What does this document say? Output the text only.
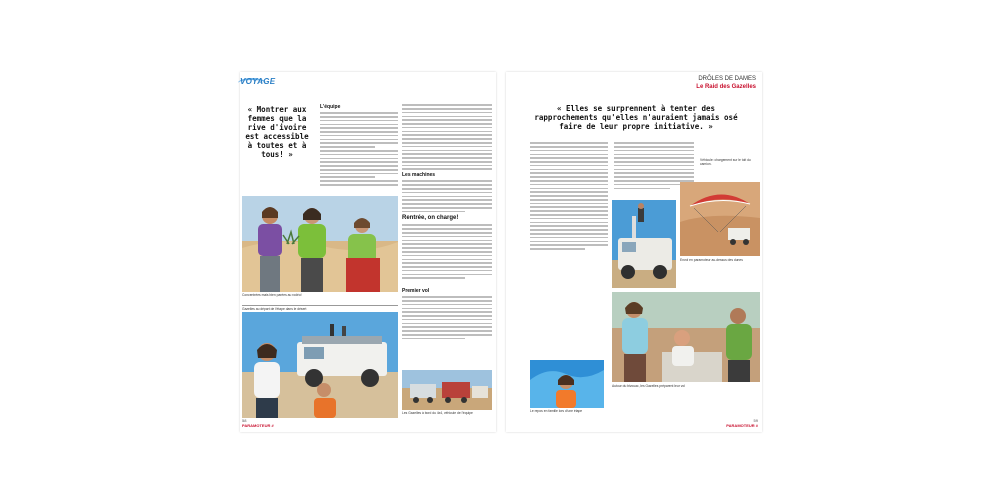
VOYAGE
« Montrer aux femmes que la rive d'ivoire est accessible à toutes et à tous! »
L'équipe
Les machines
Rentrée, on charge!
Concentrées mais bien parées au rodéo!
Gazelles au départ de l'étape dans le désert
Premier vol
Les Gazelles à bord du 4x4, véhicule de l'équipe
58
PARAMOTEUR #
DRÔLES DE DAMES
Le Raid des Gazelles
« Elles se surprennent à tenter des rapprochements qu'elles n'auraient jamais osé faire de leur propre initiative. »
Véhicule: chargement sur le toit du camion.
Envol en paramoteur au-dessus des dunes
Le repos en famille lors d'une étape
Autour du bivouac, les Gazelles préparent leur vol
59
PARAMOTEUR #
